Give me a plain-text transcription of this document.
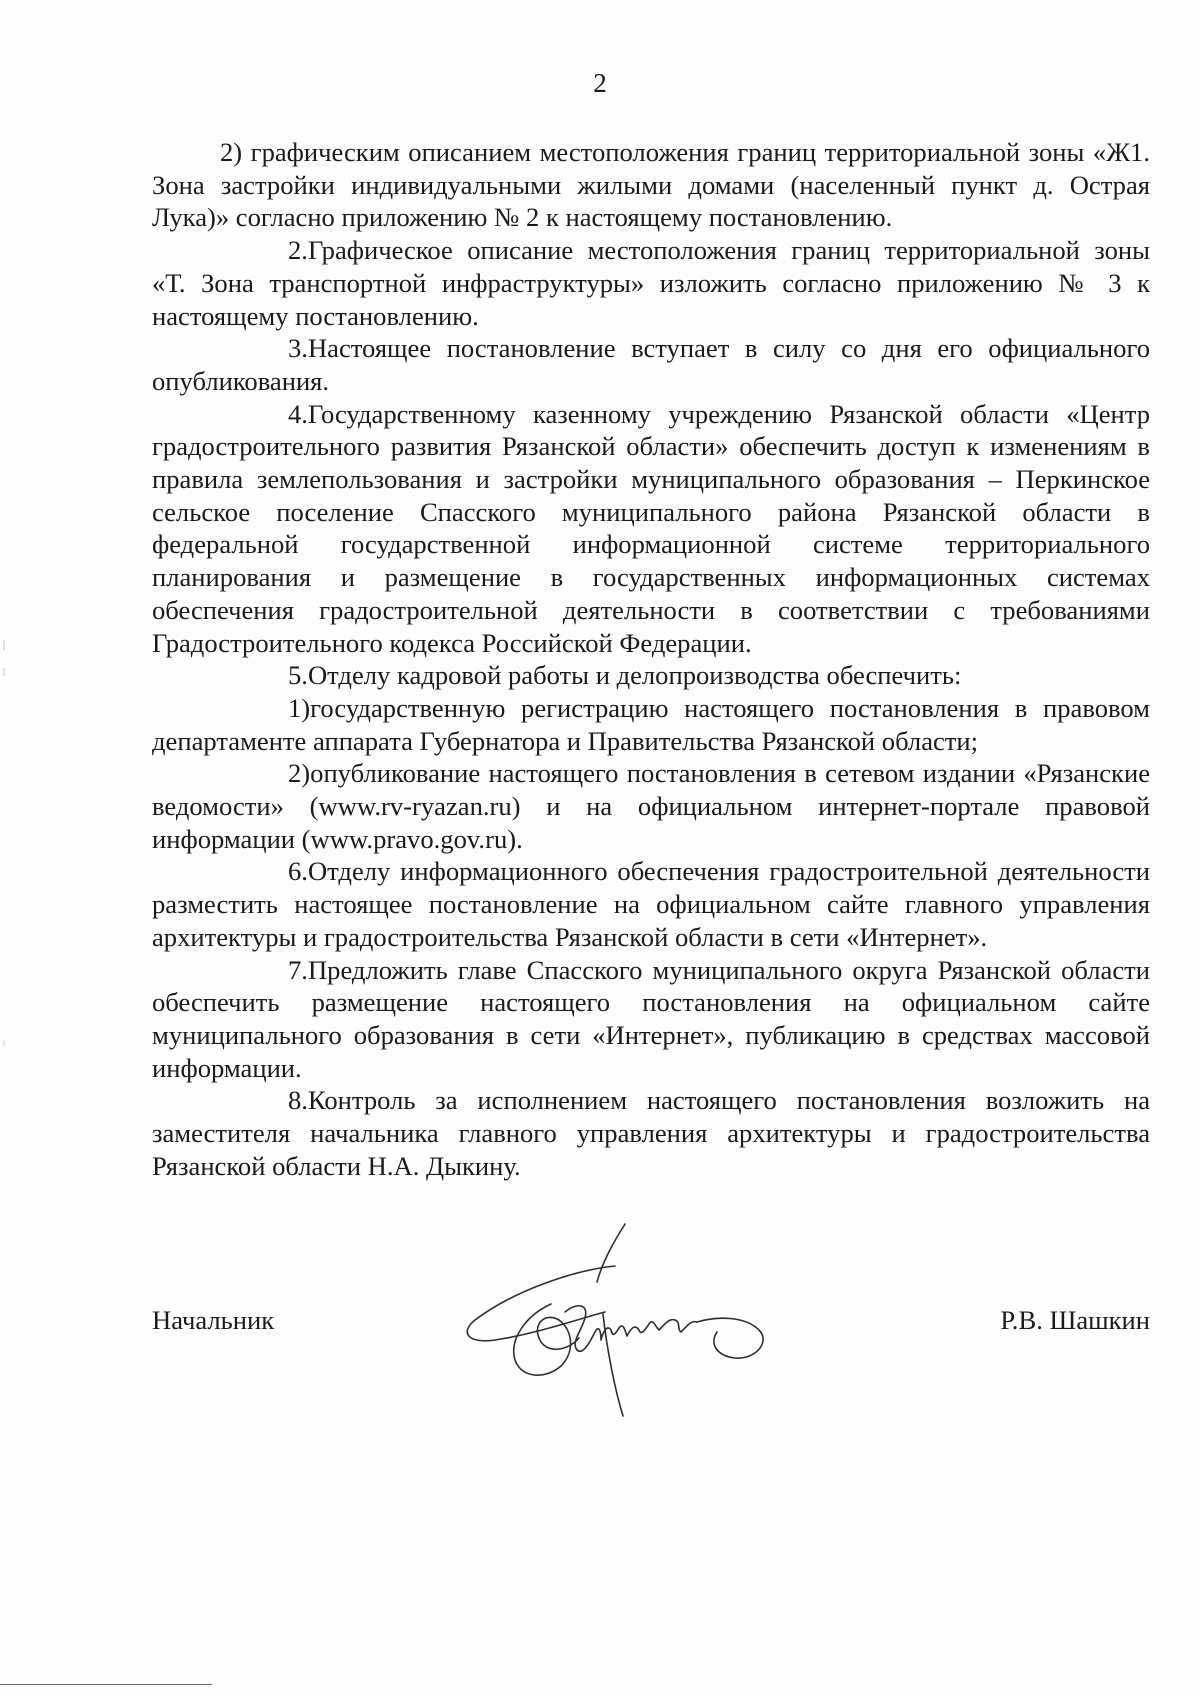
2

2) графическим описанием местоположения границ территориальной зоны «Ж1. Зона застройки индивидуальными жилыми домами (населенный пункт д. Острая Лука)» согласно приложению № 2 к настоящему постановлению.

2.Графическое описание местоположения границ территориальной зоны «Т. Зона транспортной инфраструктуры» изложить согласно приложению № 3 к настоящему постановлению.

3.Настоящее постановление вступает в силу со дня его официального опубликования.

4.Государственному казенному учреждению Рязанской области «Центр градостроительного развития Рязанской области» обеспечить доступ к изменениям в правила землепользования и застройки муниципального образования – Перкинское сельское поселение Спасского муниципального района Рязанской области в федеральной государственной информационной системе территориального планирования и размещение в государственных информационных системах обеспечения градостроительной деятельности в соответствии с требованиями Градостроительного кодекса Российской Федерации.

5.Отделу кадровой работы и делопроизводства обеспечить:

1)государственную регистрацию настоящего постановления в правовом департаменте аппарата Губернатора и Правительства Рязанской области;

2)опубликование настоящего постановления в сетевом издании «Рязанские ведомости» (www.rv-ryazan.ru) и на официальном интернет-портале правовой информации (www.pravo.gov.ru).

6.Отделу информационного обеспечения градостроительной деятельности разместить настоящее постановление на официальном сайте главного управления архитектуры и градостроительства Рязанской области в сети «Интернет».

7.Предложить главе Спасского муниципального округа Рязанской области обеспечить размещение настоящего постановления на официальном сайте муниципального образования в сети «Интернет», публикацию в средствах массовой информации.

8.Контроль за исполнением настоящего постановления возложить на заместителя начальника главного управления архитектуры и градостроительства Рязанской области Н.А. Дыкину.

Начальник	Р.В. Шашкин
